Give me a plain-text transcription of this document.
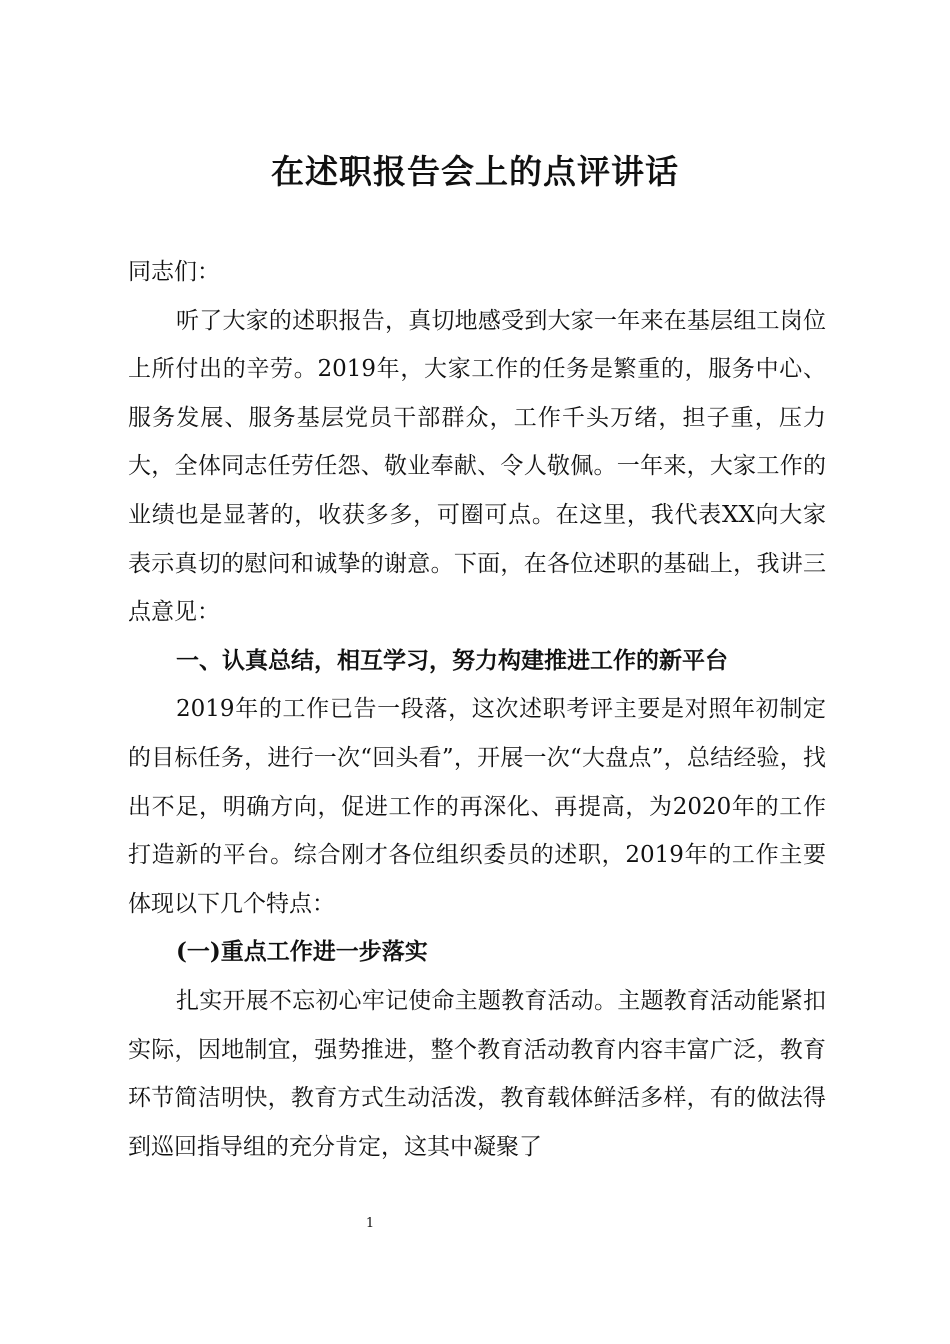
在述职报告会上的点评讲话

同志们：

听了大家的述职报告，真切地感受到大家一年来在基层组工岗位上所付出的辛劳。2019年，大家工作的任务是繁重的，服务中心、服务发展、服务基层党员干部群众，工作千头万绪，担子重，压力大，全体同志任劳任怨、敬业奉献、令人敬佩。一年来，大家工作的业绩也是显著的，收获多多，可圈可点。在这里，我代表XX向大家表示真切的慰问和诚挚的谢意。下面，在各位述职的基础上，我讲三点意见：

一、认真总结，相互学习，努力构建推进工作的新平台

2019年的工作已告一段落，这次述职考评主要是对照年初制定的目标任务，进行一次“回头看”，开展一次“大盘点”，总结经验，找出不足，明确方向，促进工作的再深化、再提高，为2020年的工作打造新的平台。综合刚才各位组织委员的述职，2019年的工作主要体现以下几个特点：

(一)重点工作进一步落实

扎实开展不忘初心牢记使命主题教育活动。主题教育活动能紧扣实际，因地制宜，强势推进，整个教育活动教育内容丰富广泛，教育环节简洁明快，教育方式生动活泼，教育载体鲜活多样，有的做法得到巡回指导组的充分肯定，这其中凝聚了

1
